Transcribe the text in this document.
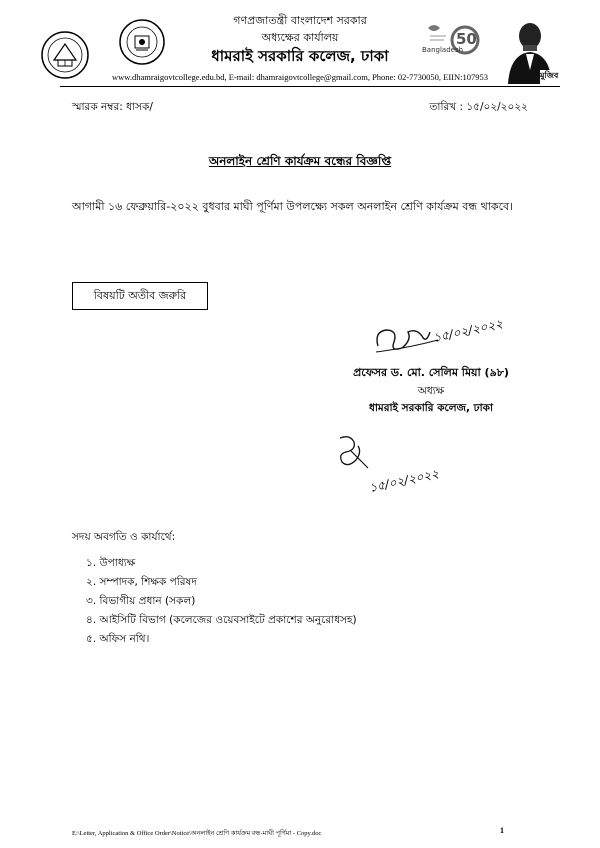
গণপ্রজাতন্ত্রী বাংলাদেশ সরকার
অধ্যক্ষের কার্যালয়
ধামরাই সরকারি কলেজ, ঢাকা
www.dhamraigovtcollege.edu.bd, E-mail: dhamraigovtcollege@gmail.com, Phone: 02-7730050, EIIN:107953
Bangladesh
50
মুজিব
স্মারক নম্বর: ধাসক/	তারিখ : ১৫/০২/২০২২
অনলাইন শ্রেণি কার্যক্রম বন্ধের বিজ্ঞপ্তি
আগামী ১৬ ফেব্রুয়ারি-২০২২ বুধবার মাঘী পূর্ণিমা উপলক্ষ্যে সকল অনলাইন শ্রেণি কার্যক্রম বন্ধ থাকবে।
বিষয়টি অতীব জরুরি
১৫/০২/২০২২
প্রফেসর ড. মো. সেলিম মিয়া (৯৮)
অধ্যক্ষ
ধামরাই সরকারি কলেজ, ঢাকা
১৫/০২/২০২২
সদয় অবগতি ও কার্যার্থে:
১. উপাধ্যক্ষ
২. সম্পাদক, শিক্ষক পরিষদ
৩. বিভাগীয় প্রধান (সকল)
৪. আইসিটি বিভাগ (কলেজের ওয়েবসাইটে প্রকাশের অনুরোধসহ)
৫. অফিস নথি।
E:\Letter, Application & Office Order\Notice\অনলাইন শ্রেণি কার্যক্রম বন্ধ-মাঘী পূর্ণিমা - Copy.doc	1
